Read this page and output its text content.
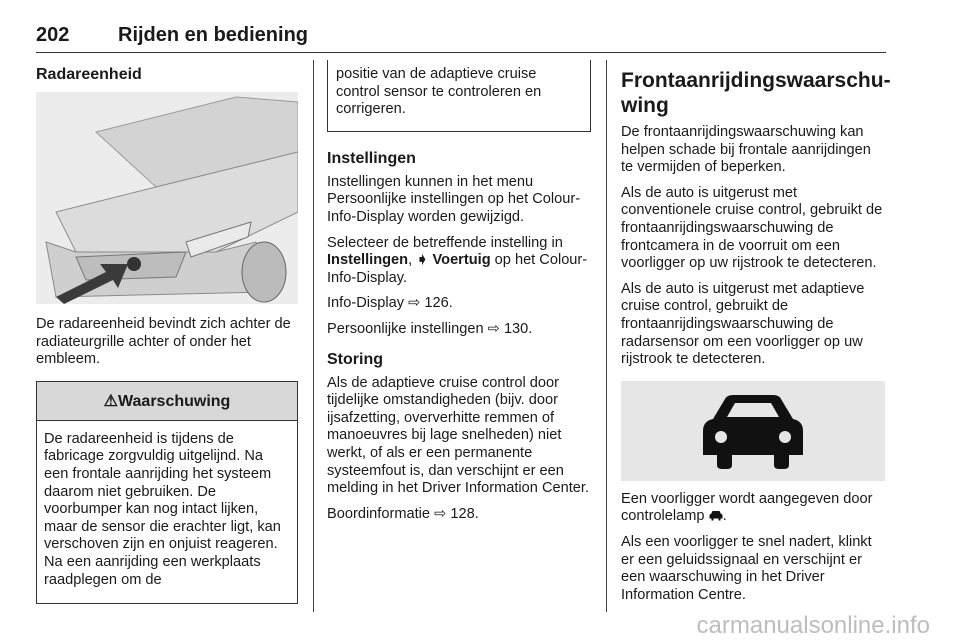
202 Rijden en bediening
Radareenheid

De radareenheid bevindt zich achter de radiateurgrille achter of onder het embleem.

⚠Waarschuwing

De radareenheid is tijdens de fabricage zorgvuldig uitgelijnd. Na een frontale aanrijding het systeem daarom niet gebruiken. De voorbumper kan nog intact lijken, maar de sensor die erachter ligt, kan verschoven zijn en onjuist reageren. Na een aanrijding een werkplaats raadplegen om de

positie van de adaptieve cruise control sensor te controleren en corrigeren.

Instellingen

Instellingen kunnen in het menu Persoonlijke instellingen op het Colour-Info-Display worden gewijzigd.

Selecteer de betreffende instelling in Instellingen, ➧ Voertuig op het Colour-Info-Display.

Info-Display ⇨ 126.

Persoonlijke instellingen ⇨ 130.

Storing

Als de adaptieve cruise control door tijdelijke omstandigheden (bijv. door ijsafzetting, oververhitte remmen of manoeuvres bij lage snelheden) niet werkt, of als er een permanente systeemfout is, dan verschijnt er een melding in het Driver Information Center.

Boordinformatie ⇨ 128.

Frontaanrijdingswaarschuwing

De frontaanrijdingswaarschuwing kan helpen schade bij frontale aanrijdingen te vermijden of beperken.

Als de auto is uitgerust met conventionele cruise control, gebruikt de frontaanrijdingswaarschuwing de frontcamera in de voorruit om een voorligger op uw rijstrook te detecteren.

Als de auto is uitgerust met adaptieve cruise control, gebruikt de frontaanrijdingswaarschuwing de radarsensor om een voorligger op uw rijstrook te detecteren.

Een voorligger wordt aangegeven door controlelamp .

Als een voorligger te snel nadert, klinkt er een geluidssignaal en verschijnt er een waarschuwing in het Driver Information Centre.

carmanualsonline.info
